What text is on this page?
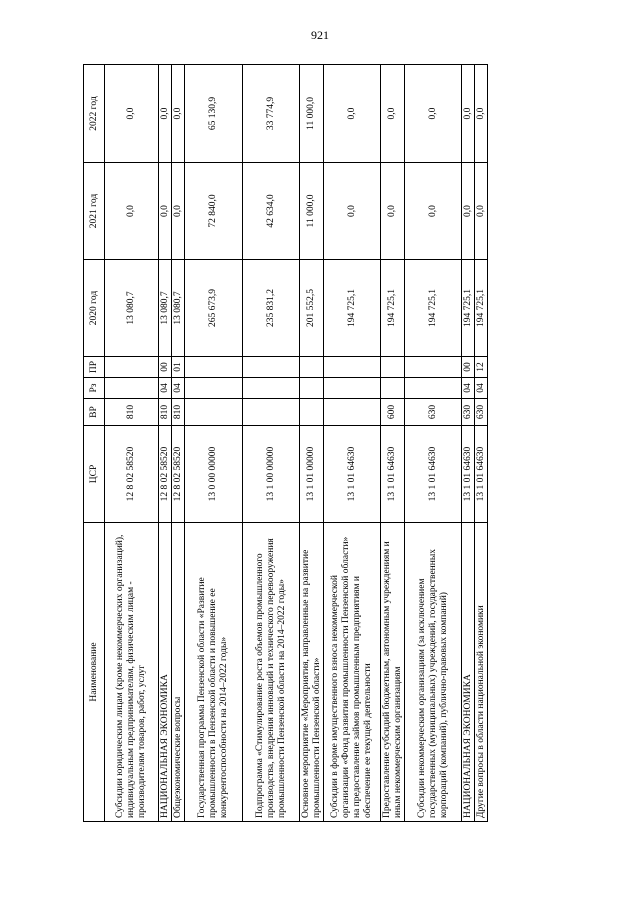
921
Наименование	ЦСР	ВР	Рз	ПР	2020 год	2021 год	2022 год
Субсидии юридическим лицам (кроме некоммерческих организаций), индивидуальным предпринимателям, физическим лицам - производителям товаров, работ, услуг	12 8 02 58520	810			13 080,7	0,0	0,0
НАЦИОНАЛЬНАЯ ЭКОНОМИКА	12 8 02 58520	810	04	00	13 080,7	0,0	0,0
Общеэкономические вопросы	12 8 02 58520	810	04	01	13 080,7	0,0	0,0
Государственная программа Пензенской области «Развитие промышленности в Пензенской области и повышение ее конкурентоспособности на 2014–2022 годы»	13 0 00 00000				265 673,9	72 840,0	65 130,9
Подпрограмма «Стимулирование роста объемов промышленного производства, внедрения инноваций и технического перевооружения промышленности Пензенской области на 2014–2022 годы»	13 1 00 00000				235 831,2	42 634,0	33 774,9
Основное мероприятие «Мероприятия, направленные на развитие промышленности Пензенской области»	13 1 01 00000				201 552,5	11 000,0	11 000,0
Субсидии в форме имущественного взноса некоммерческой организации «Фонд развития промышленности Пензенской области» на предоставление займов промышленным предприятиям и обеспечение ее текущей деятельности	13 1 01 64630				194 725,1	0,0	0,0
Предоставление субсидий бюджетным, автономным учреждениям и иным некоммерческим организациям	13 1 01 64630	600			194 725,1	0,0	0,0
Субсидии некоммерческим организациям (за исключением государственных (муниципальных) учреждений, государственных корпораций (компаний), публично-правовых компаний)	13 1 01 64630	630			194 725,1	0,0	0,0
НАЦИОНАЛЬНАЯ ЭКОНОМИКА	13 1 01 64630	630	04	00	194 725,1	0,0	0,0
Другие вопросы в области национальной экономики	13 1 01 64630	630	04	12	194 725,1	0,0	0,0
